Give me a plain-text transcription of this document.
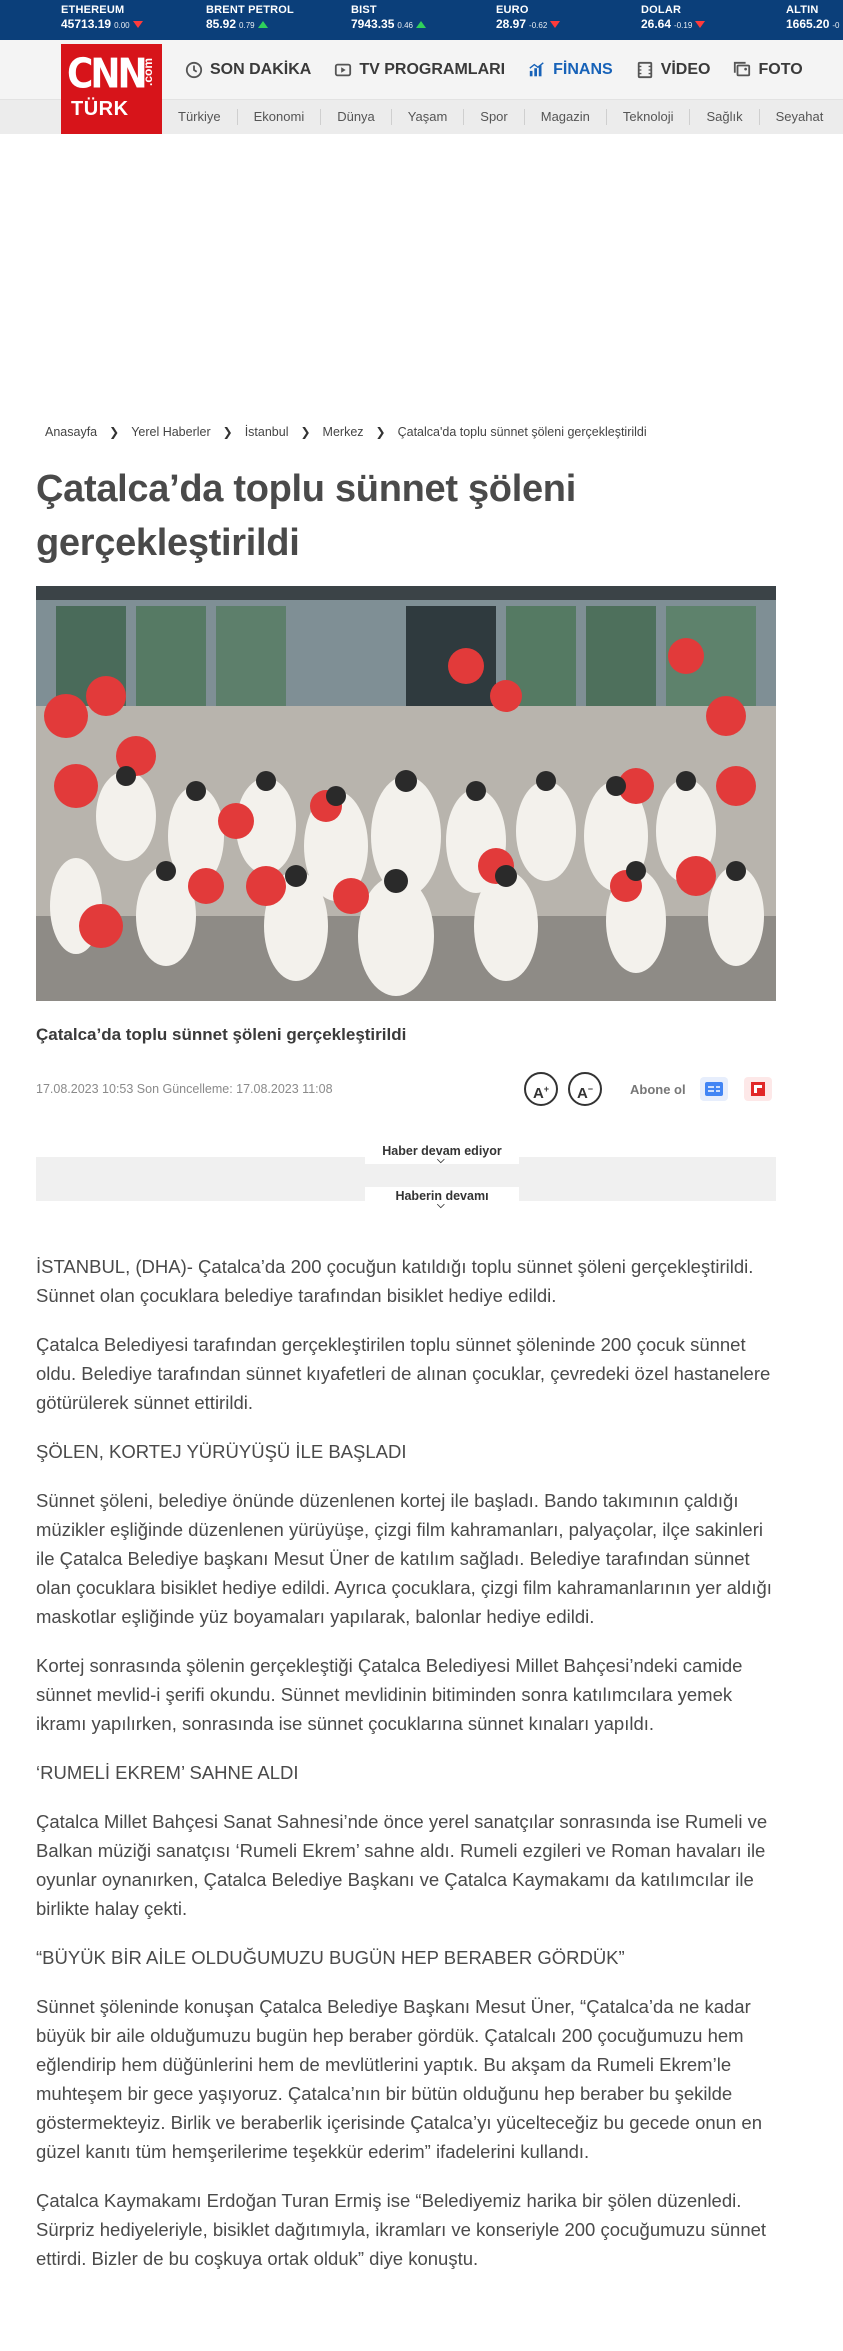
ETHEREUM
45713.19 0.00
BRENT PETROL
85.92 0.79
BIST
7943.35 0.46
EURO
28.97 -0.62
DOLAR
26.64 -0.19
ALTIN
1665.20 -0
CNN
.com
TÜRK
SON DAKİKA	TV PROGRAMLARI	FİNANS	VİDEO	FOTO
Türkiye	Ekonomi	Dünya	Yaşam	Spor	Magazin	Teknoloji	Sağlık	Seyahat
Anasayfa ❯ Yerel Haberler ❯ İstanbul ❯ Merkez ❯ Çatalca'da toplu sünnet şöleni gerçekleştirildi
Çatalca’da toplu sünnet şöleni gerçekleştirildi
Çatalca’da toplu sünnet şöleni gerçekleştirildi
17.08.2023 10:53 Son Güncelleme: 17.08.2023 11:08	A+	A−	Abone ol
Haber devam ediyor
⌵
Haberin devamı
⌵

İSTANBUL, (DHA)- Çatalca’da 200 çocuğun katıldığı toplu sünnet şöleni gerçekleştirildi. Sünnet olan çocuklara belediye tarafından bisiklet hediye edildi.

Çatalca Belediyesi tarafından gerçekleştirilen toplu sünnet şöleninde 200 çocuk sünnet oldu. Belediye tarafından sünnet kıyafetleri de alınan çocuklar, çevredeki özel hastanelere götürülerek sünnet ettirildi.

ŞÖLEN, KORTEJ YÜRÜYÜŞÜ İLE BAŞLADI

Sünnet şöleni, belediye önünde düzenlenen kortej ile başladı. Bando takımının çaldığı müzikler eşliğinde düzenlenen yürüyüşe, çizgi film kahramanları, palyaçolar, ilçe sakinleri ile Çatalca Belediye başkanı Mesut Üner de katılım sağladı. Belediye tarafından sünnet olan çocuklara bisiklet hediye edildi. Ayrıca çocuklara, çizgi film kahramanlarının yer aldığı maskotlar eşliğinde yüz boyamaları yapılarak, balonlar hediye edildi.

Kortej sonrasında şölenin gerçekleştiği Çatalca Belediyesi Millet Bahçesi’ndeki camide sünnet mevlid-i şerifi okundu. Sünnet mevlidinin bitiminden sonra katılımcılara yemek ikramı yapılırken, sonrasında ise sünnet çocuklarına sünnet kınaları yapıldı.

‘RUMELİ EKREM’ SAHNE ALDI

Çatalca Millet Bahçesi Sanat Sahnesi’nde önce yerel sanatçılar sonrasında ise Rumeli ve Balkan müziği sanatçısı ‘Rumeli Ekrem’ sahne aldı. Rumeli ezgileri ve Roman havaları ile oyunlar oynanırken, Çatalca Belediye Başkanı ve Çatalca Kaymakamı da katılımcılar ile birlikte halay çekti.

“BÜYÜK BİR AİLE OLDUĞUMUZU BUGÜN HEP BERABER GÖRDÜK”

Sünnet şöleninde konuşan Çatalca Belediye Başkanı Mesut Üner, “Çatalca’da ne kadar büyük bir aile olduğumuzu bugün hep beraber gördük. Çatalcalı 200 çocuğumuzu hem eğlendirip hem düğünlerini hem de mevlütlerini yaptık. Bu akşam da Rumeli Ekrem’le muhteşem bir gece yaşıyoruz. Çatalca’nın bir bütün olduğunu hep beraber bu şekilde göstermekteyiz. Birlik ve beraberlik içerisinde Çatalca’yı yücelteceğiz bu gecede onun en güzel kanıtı tüm hemşerilerime teşekkür ederim” ifadelerini kullandı.

Çatalca Kaymakamı Erdoğan Turan Ermiş ise “Belediyemiz harika bir şölen düzenledi. Sürpriz hediyeleriyle, bisiklet dağıtımıyla, ikramları ve konseriyle 200 çocuğumuzu sünnet ettirdi. Bizler de bu coşkuya ortak olduk” diye konuştu.
